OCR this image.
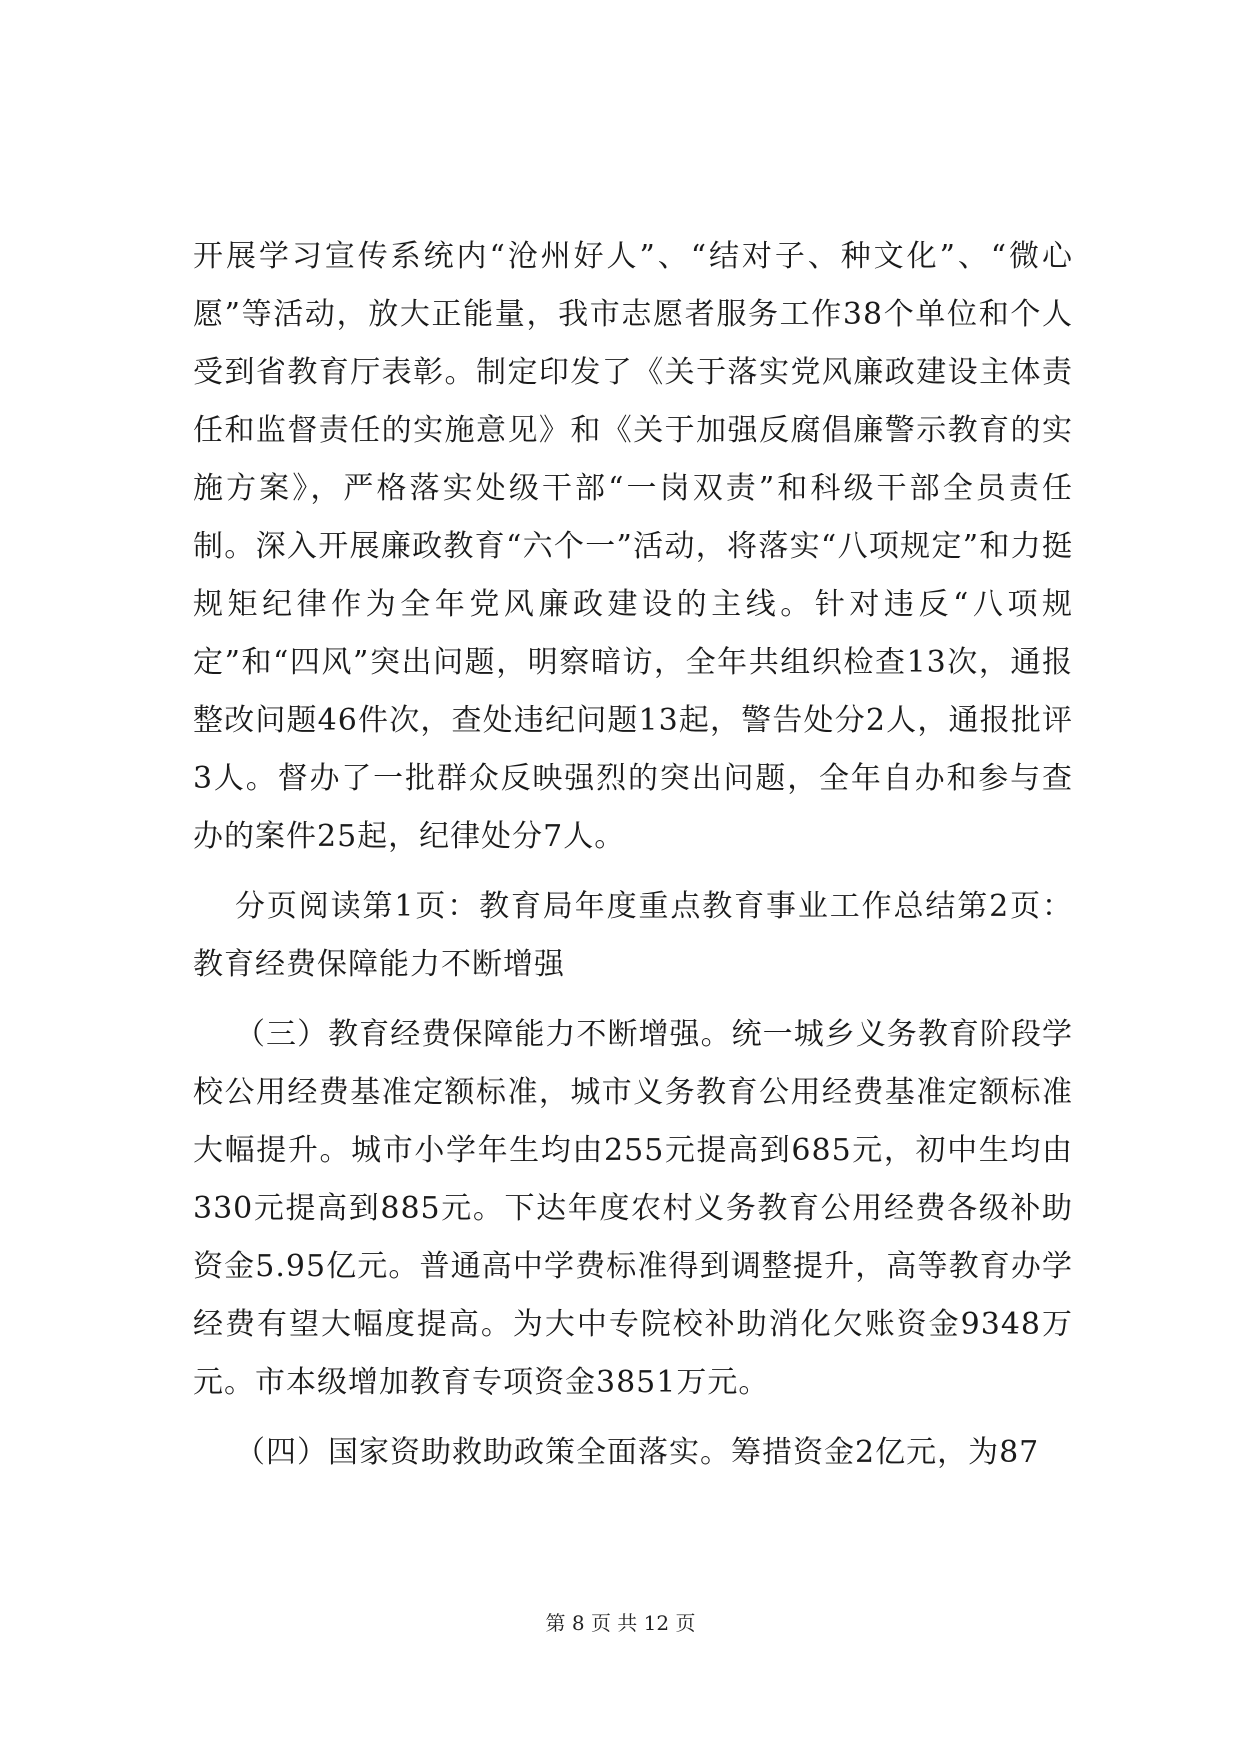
开展学习宣传系统内“沧州好人”、“结对子、种文化”、“微心愿”等活动，放大正能量，我市志愿者服务工作38个单位和个人受到省教育厅表彰。制定印发了《关于落实党风廉政建设主体责任和监督责任的实施意见》和《关于加强反腐倡廉警示教育的实施方案》，严格落实处级干部“一岗双责”和科级干部全员责任制。深入开展廉政教育“六个一”活动，将落实“八项规定”和力挺规矩纪律作为全年党风廉政建设的主线。针对违反“八项规定”和“四风”突出问题，明察暗访，全年共组织检查13次，通报整改问题46件次，查处违纪问题13起，警告处分2人，通报批评3人。督办了一批群众反映强烈的突出问题，全年自办和参与查办的案件25起，纪律处分7人。

分页阅读第1页：教育局年度重点教育事业工作总结第2页：教育经费保障能力不断增强

（三）教育经费保障能力不断增强。统一城乡义务教育阶段学校公用经费基准定额标准，城市义务教育公用经费基准定额标准大幅提升。城市小学年生均由255元提高到685元，初中生均由330元提高到885元。下达年度农村义务教育公用经费各级补助资金5.95亿元。普通高中学费标准得到调整提升，高等教育办学经费有望大幅度提高。为大中专院校补助消化欠账资金9348万元。市本级增加教育专项资金3851万元。

（四）国家资助救助政策全面落实。筹措资金2亿元，为87

第 8 页 共 12 页
